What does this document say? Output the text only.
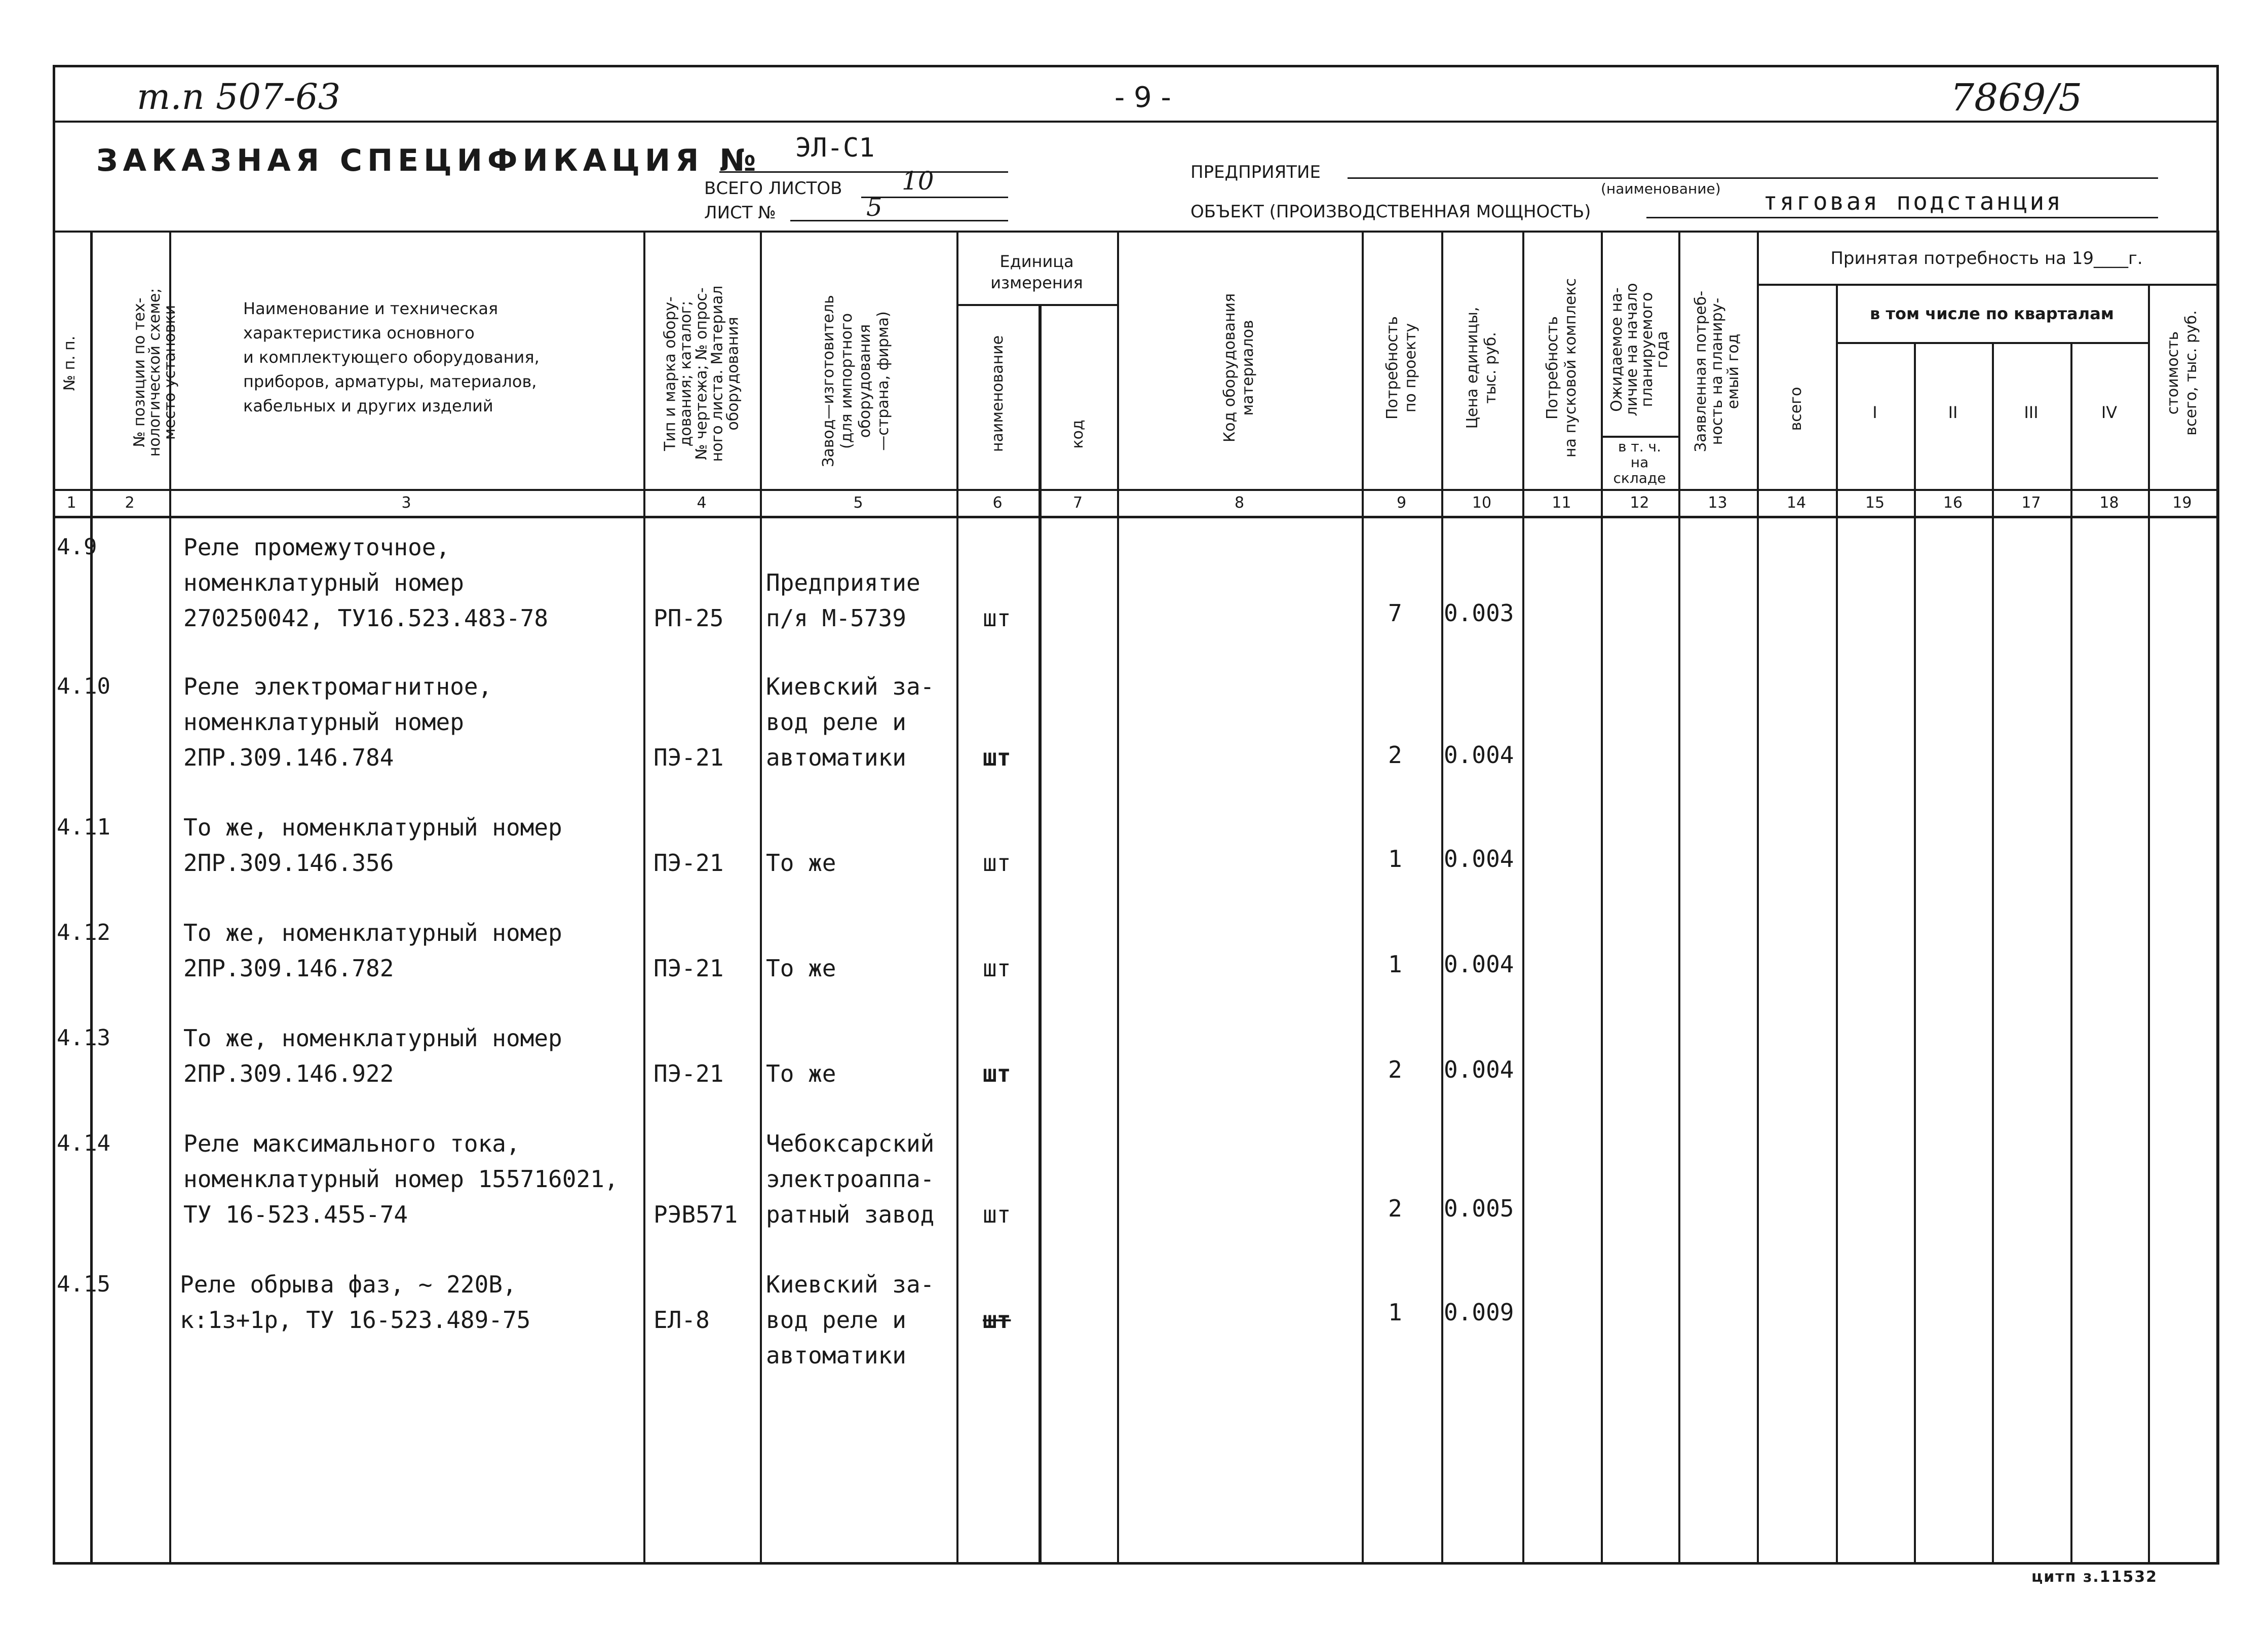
т.п 507-63	- 9 -	7869/5
ЗАКАЗНАЯ СПЕЦИФИКАЦИЯ № ЭЛ-С1
ВСЕГО ЛИСТОВ 10
ЛИСТ №	5
ПРЕДПРИЯТИЕ
(наименование)
ОБЪЕКТ (ПРОИЗВОДСТВЕННАЯ МОЩНОСТЬ)	тяговая подстанция
№ п. п.
№ позиции по тех-
нологической схеме;
место установки	Наименование и техническая
характеристика основного
и комплектующего оборудования,
приборов, арматуры, материалов,
кабельных и других изделий
Тип и марка обору-
дования; каталог;
№ чертежа; № опрос-
ного листа. Материал
оборудования	Завод—изготовитель
(для импортного
оборудования
—страна, фирма)
Единица
измерения
наименование	код	Код оборудования
материалов	Потребность
по проекту
Цена единицы,
тыс. руб.	Потребность
на пусковой комплекс
Ожидаемое на-
личие на начало
планируемого
года
в т. ч.
на
складе
Заявленная потреб-
ность на планиру-
емый год
Принятая потребность на 19____г.
всего
в том числе по кварталам
I	II	III	IV	стоимость
всего, тыс. руб.
1	2	3	4	5	6	7	8	9	10	11	12	13	14	15	16	17	18	19
4.9	Реле промежуточное,
номенклатурный номер
270250042, ТУ16.523.483-78	РП-25
Предприятие
п/я М-5739	шт	7 0.003
4.10	Реле электромагнитное,
номенклатурный номер
2ПР.309.146.784	ПЭ-21
Киевский за-
вод реле и
автоматики	шт	2 0.004
4.11	То же, номенклатурный номер
2ПР.309.146.356	ПЭ-21 То же	шт	1 0.004
4.12	То же, номенклатурный номер
2ПР.309.146.782	ПЭ-21 То же	шт	1 0.004
4.13	То же, номенклатурный номер
2ПР.309.146.922	ПЭ-21 То же	шт	2 0.004
4.14	Реле максимального тока,
номенклатурный номер 155716021,
ТУ 16-523.455-74	РЭВ571
Чебоксарский
электроаппа-
ратный завод шт	2 0.005
4.15	Реле обрыва фаз, ~ 220В,
к:1з+1р, ТУ 16-523.489-75	ЕЛ-8
Киевский за-
вод реле и
автоматики
шт	1 0.009
цитп з.11532
